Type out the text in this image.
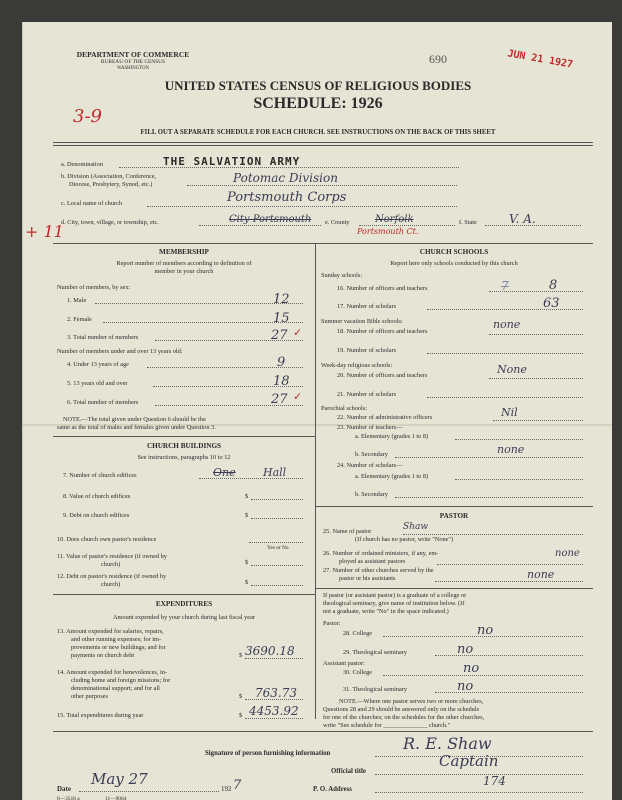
DEPARTMENT OF COMMERCE
BUREAU OF THE CENSUS
WASHINGTON
690	JUN 21 1927
UNITED STATES CENSUS OF RELIGIOUS BODIES
SCHEDULE: 1926
3-9
FILL OUT A SEPARATE SCHEDULE FOR EACH CHURCH. SEE INSTRUCTIONS ON THE BACK OF THIS SHEET
a. Denomination	THE SALVATION ARMY
b. Division (Association, Conference,
Diocese, Presbytery, Synod, etc.)	Potomac Division
c. Local name of church	Portsmouth Corps
+ 11
d. City, town, village, or township, etc.	City Portsmouth e. County	Norfolk
Portsmouth Ct.
f. State	V. A.
MEMBERSHIP
Report number of members according to definition of
member in your church
Number of members, by sex:
1. Male	12
2. Female	15
3. Total number of members	27 ✓
Number of members under and over 13 years old:
4. Under 13 years of age	9
5. 13 years old and over	18
6. Total number of members	27 ✓
NOTE.—The total given under Question 6 should be the
same as the total of males and females given under Question 3.
CHURCH BUILDINGS
See instructions, paragraphs 10 to 12
7. Number of church edifices	One Hall
8. Value of church edifices	$
9. Debt on church edifices	$
10. Does church own pastor's residence
Yes or No
11. Value of pastor's residence (if owned by
church)	$
12. Debt on pastor's residence (if owned by
church)	$
EXPENDITURES
Amount expended by your church during last fiscal year
13. Amount expended for salaries, repairs,
and other running expenses; for im-
provements or new buildings; and for
payments on church debt	$ 3690.18
14. Amount expended for benevolences, in-
cluding home and foreign missions; for
denominational support; and for all
other purposes	$ 763.73
15. Total expenditures during year	$ 4453.92
CHURCH SCHOOLS
Report here only schools conducted by this church
Sunday schools:
16. Number of officers and teachers	7	8
17. Number of scholars	63
Summer vacation Bible schools:
18. Number of officers and teachers
none
19. Number of scholars
Week-day religious schools:
20. Number of officers and teachers	None
21. Number of scholars
Parochial schools:
22. Number of administrative officers	Nil
23. Number of teachers—
a. Elementary (grades 1 to 8)
b. Secondary	none
24. Number of scholars—
a. Elementary (grades 1 to 8)
b. Secondary
PASTOR
25. Name of pastor	Shaw
(If church has no pastor, write "None")
26. Number of ordained ministers, if any, em-
ployed as assistant pastors
none
27. Number of other churches served by the
pastor or his assistants	none
If pastor (or assistant pastor) is a graduate of a college or
theological seminary, give name of institution below. (If
not a graduate, write "No" in the space indicated.)
Pastor:
28. College	no
29. Theological seminary	no
Assistant pastor:
30. College	no
31. Theological seminary	no
NOTE.—Where one pastor serves two or more churches,
Questions 28 and 29 should be answered only on the schedule
for one of the churches; on the schedules for the other churches,
write "See schedule for ______________ church."
Signature of person furnishing information
R. E. Shaw
Official title
Captain
Date
May 27
192 7
6—3518 a	11—9064
P. O. Address
174
